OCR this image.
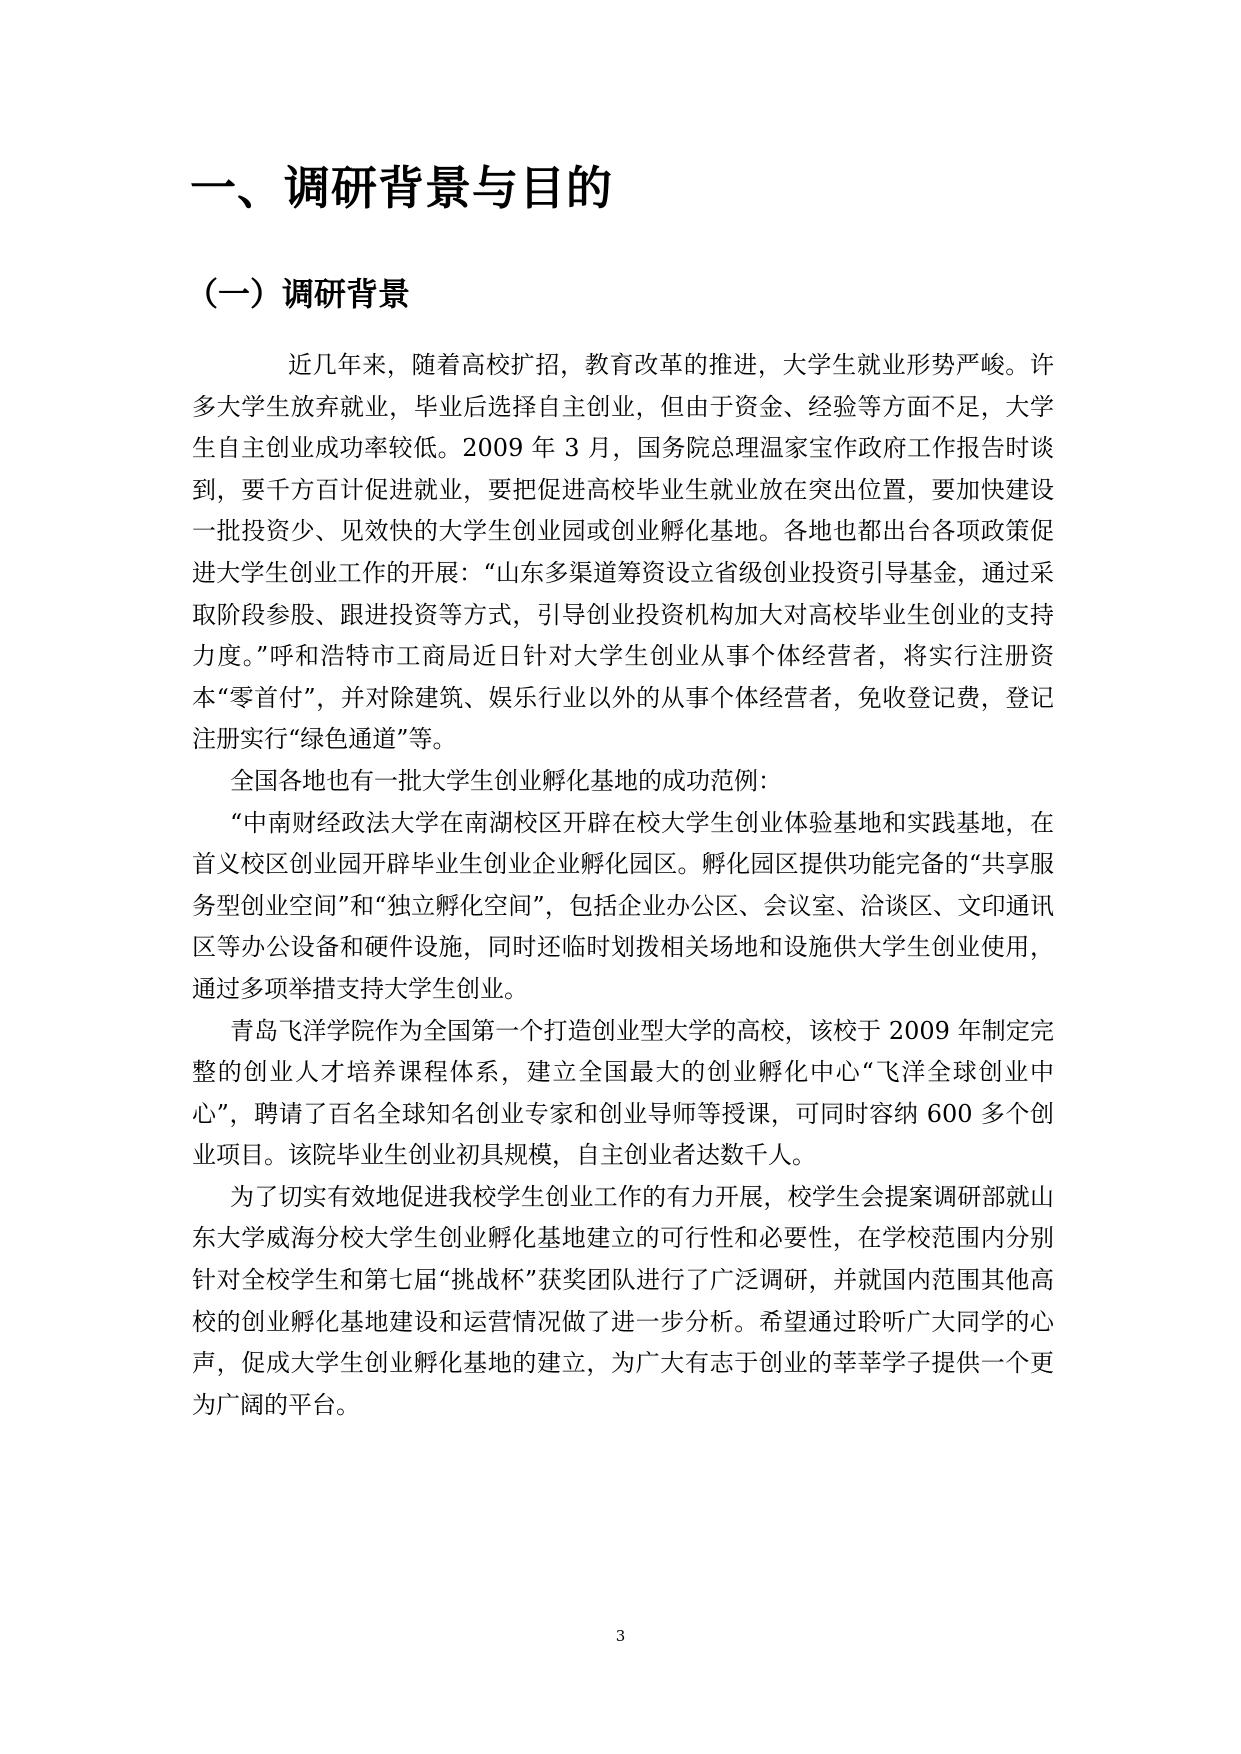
一、调研背景与目的
（一）调研背景

近几年来，随着高校扩招，教育改革的推进，大学生就业形势严峻。许多大学生放弃就业，毕业后选择自主创业，但由于资金、经验等方面不足，大学生自主创业成功率较低。2009 年 3 月，国务院总理温家宝作政府工作报告时谈到，要千方百计促进就业，要把促进高校毕业生就业放在突出位置，要加快建设一批投资少、见效快的大学生创业园或创业孵化基地。各地也都出台各项政策促进大学生创业工作的开展：“山东多渠道筹资设立省级创业投资引导基金，通过采取阶段参股、跟进投资等方式，引导创业投资机构加大对高校毕业生创业的支持力度。”呼和浩特市工商局近日针对大学生创业从事个体经营者，将实行注册资本“零首付”，并对除建筑、娱乐行业以外的从事个体经营者，免收登记费，登记注册实行“绿色通道”等。

全国各地也有一批大学生创业孵化基地的成功范例：

“中南财经政法大学在南湖校区开辟在校大学生创业体验基地和实践基地，在首义校区创业园开辟毕业生创业企业孵化园区。孵化园区提供功能完备的“共享服务型创业空间”和“独立孵化空间”，包括企业办公区、会议室、洽谈区、文印通讯区等办公设备和硬件设施，同时还临时划拨相关场地和设施供大学生创业使用，通过多项举措支持大学生创业。

青岛飞洋学院作为全国第一个打造创业型大学的高校，该校于 2009 年制定完整的创业人才培养课程体系，建立全国最大的创业孵化中心“飞洋全球创业中心”，聘请了百名全球知名创业专家和创业导师等授课，可同时容纳 600 多个创业项目。该院毕业生创业初具规模，自主创业者达数千人。

为了切实有效地促进我校学生创业工作的有力开展，校学生会提案调研部就山东大学威海分校大学生创业孵化基地建立的可行性和必要性，在学校范围内分别针对全校学生和第七届“挑战杯”获奖团队进行了广泛调研，并就国内范围其他高校的创业孵化基地建设和运营情况做了进一步分析。希望通过聆听广大同学的心声，促成大学生创业孵化基地的建立，为广大有志于创业的莘莘学子提供一个更为广阔的平台。

3
